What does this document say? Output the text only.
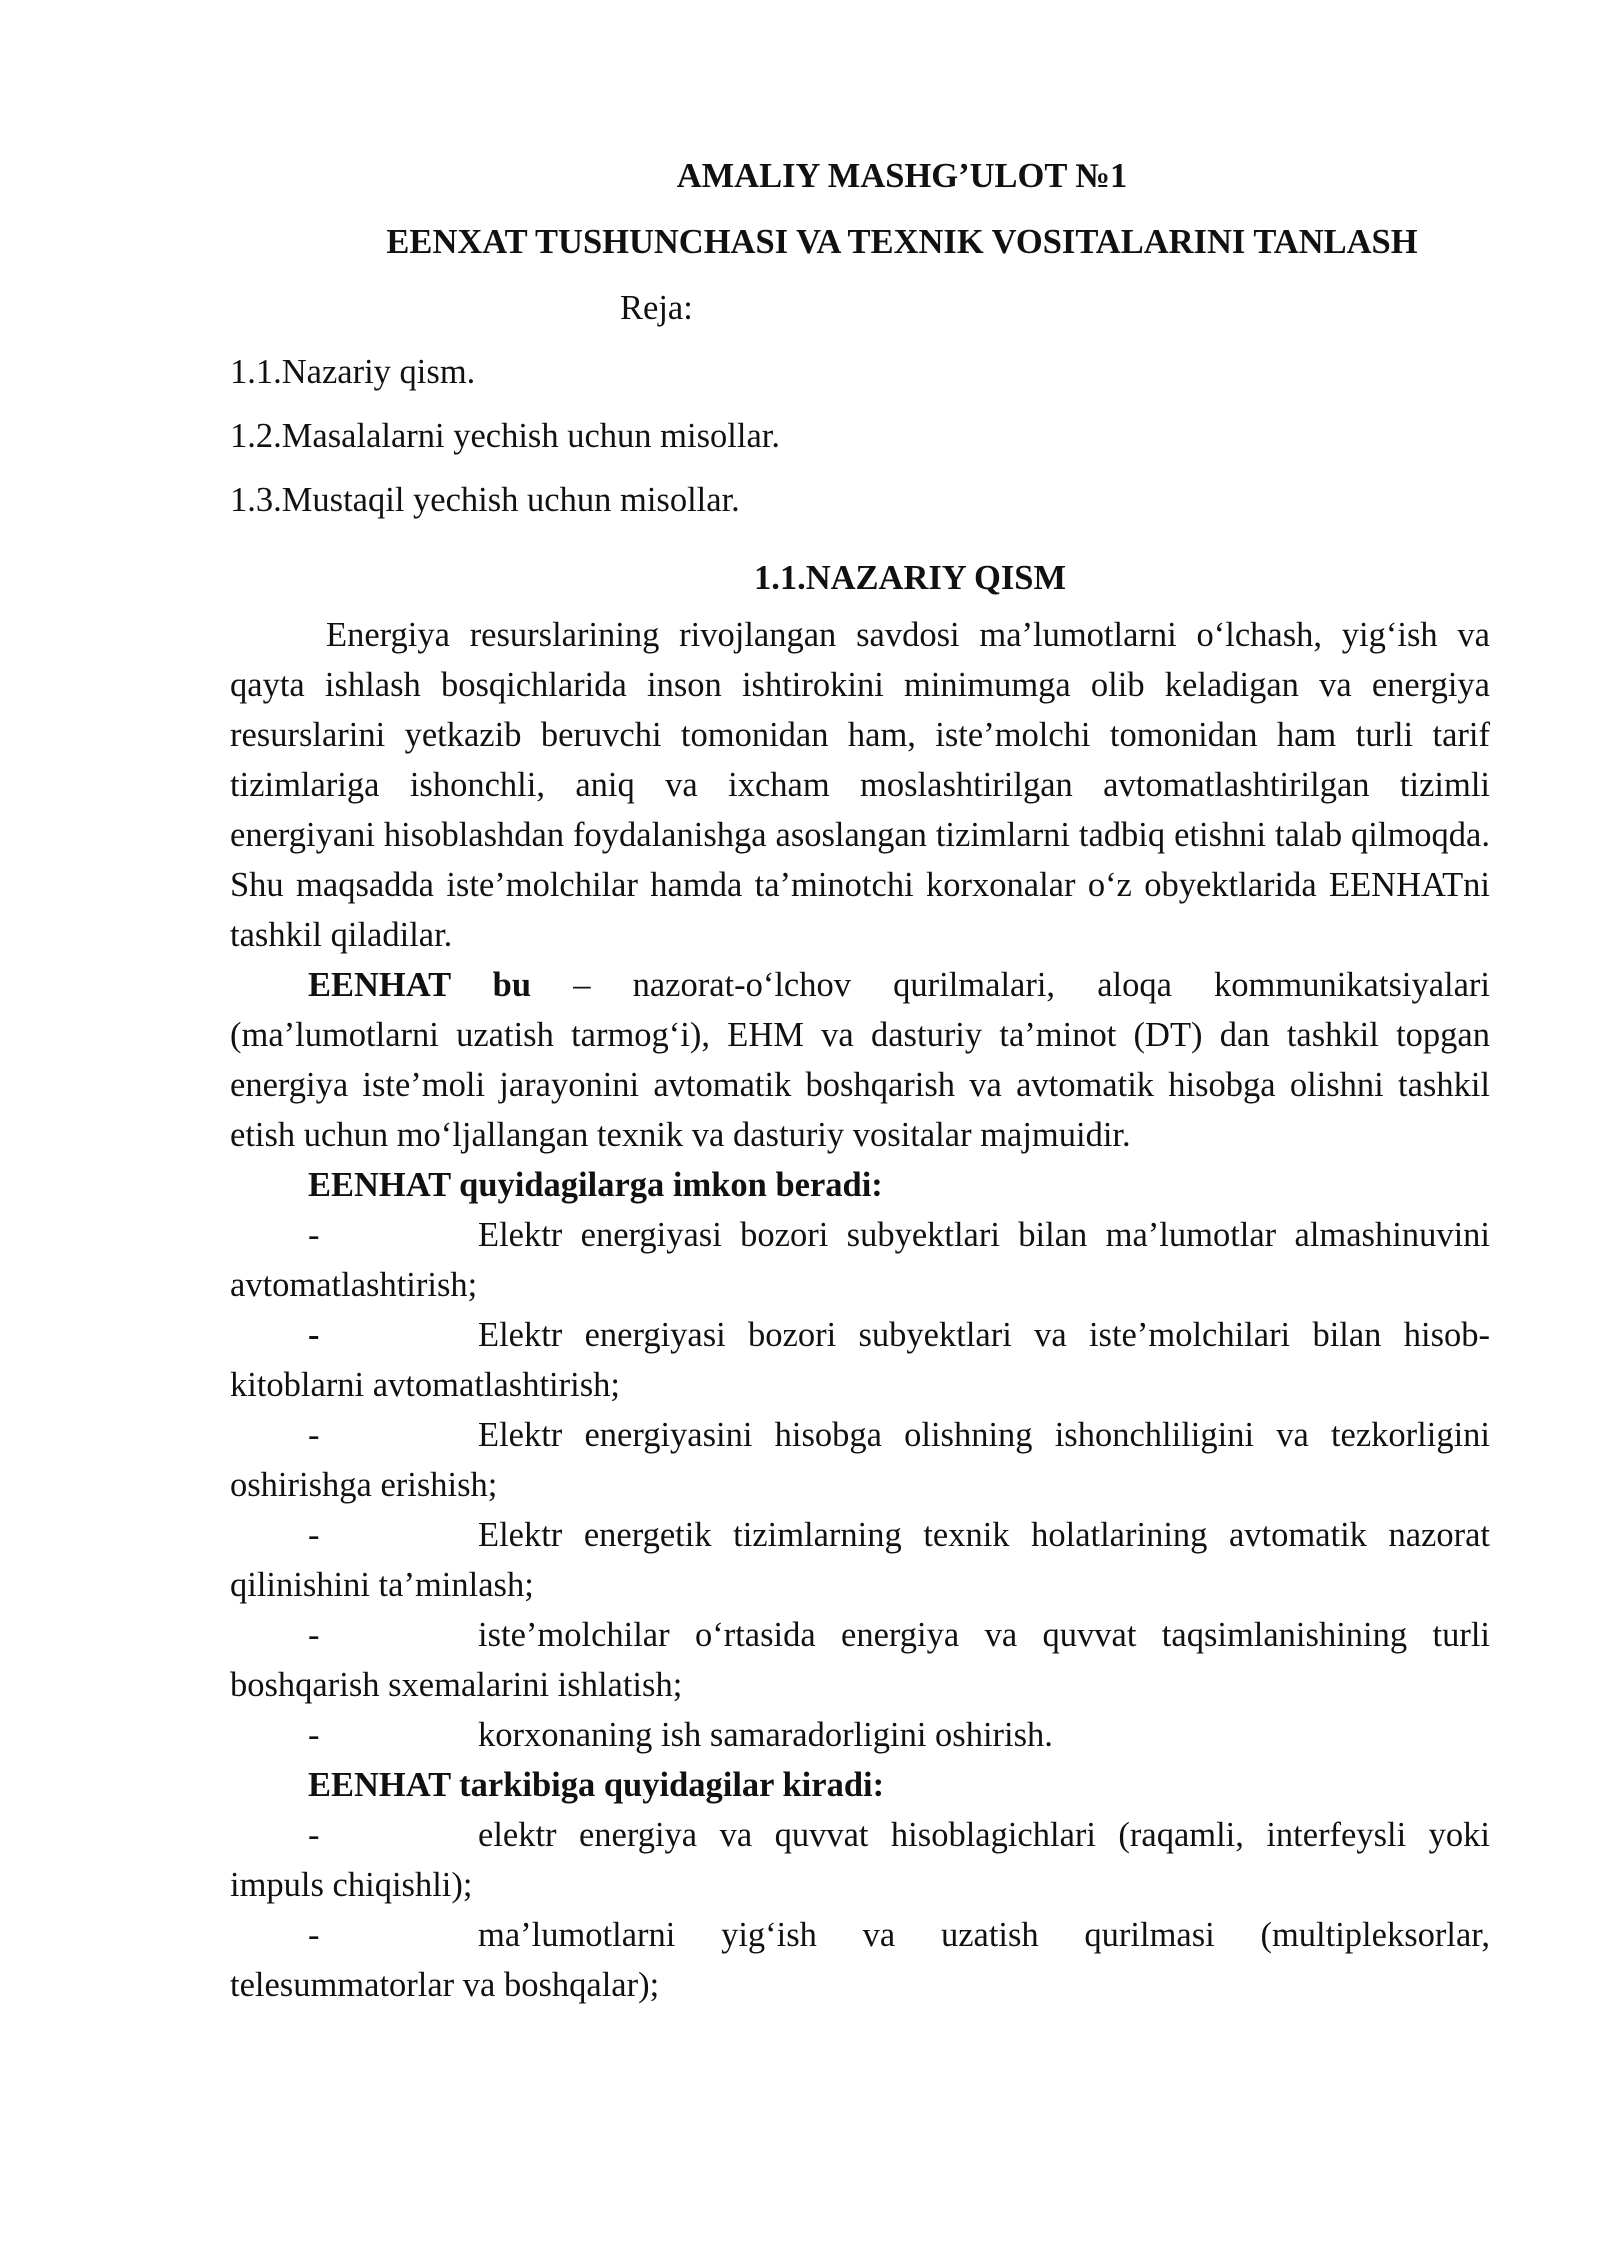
AMALIY MASHG’ULOT №1

EENXAT TUSHUNCHASI VA TEXNIK VOSITALARINI TANLASH

Reja:

1.1.Nazariy qism.

1.2.Masalalarni yechish uchun misollar.

1.3.Mustaqil yechish uchun misollar.

1.1.NAZARIY QISM

Energiya resurslarining rivojlangan savdosi ma’lumotlarni o‘lchash, yig‘ish va qayta ishlash bosqichlarida inson ishtirokini minimumga olib keladigan va energiya resurslarini yetkazib beruvchi tomonidan ham, iste’molchi tomonidan ham turli tarif tizimlariga ishonchli, aniq va ixcham moslashtirilgan avtomatlashtirilgan tizimli energiyani hisoblashdan foydalanishga asoslangan tizimlarni tadbiq etishni talab qilmoqda. Shu maqsadda iste’molchilar hamda ta’minotchi korxonalar o‘z obyektlarida EENHATni tashkil qiladilar.

EENHAT bu – nazorat-o‘lchov qurilmalari, aloqa kommunikatsiyalari (ma’lumotlarni uzatish tarmog‘i), EHM va dasturiy ta’minot (DT) dan tashkil topgan energiya iste’moli jarayonini avtomatik boshqarish va avtomatik hisobga olishni tashkil etish uchun mo‘ljallangan texnik va dasturiy vositalar majmuidir.

EENHAT quyidagilarga imkon beradi:

-	Elektr energiyasi bozori subyektlari bilan ma’lumotlar almashinuvini avtomatlashtirish;

-	Elektr energiyasi bozori subyektlari va iste’molchilari bilan hisob-kitoblarni avtomatlashtirish;

-	Elektr energiyasini hisobga olishning ishonchliligini va tezkorligini oshirishga erishish;

-	Elektr energetik tizimlarning texnik holatlarining avtomatik nazorat qilinishini ta’minlash;

-	iste’molchilar o‘rtasida energiya va quvvat taqsimlanishining turli boshqarish sxemalarini ishlatish;

-	korxonaning ish samaradorligini oshirish.

EENHAT tarkibiga quyidagilar kiradi:

-	elektr energiya va quvvat hisoblagichlari (raqamli, interfeysli yoki impuls chiqishli);

-	ma’lumotlarni yig‘ish va uzatish qurilmasi (multipleksorlar, telesummatorlar va boshqalar);
